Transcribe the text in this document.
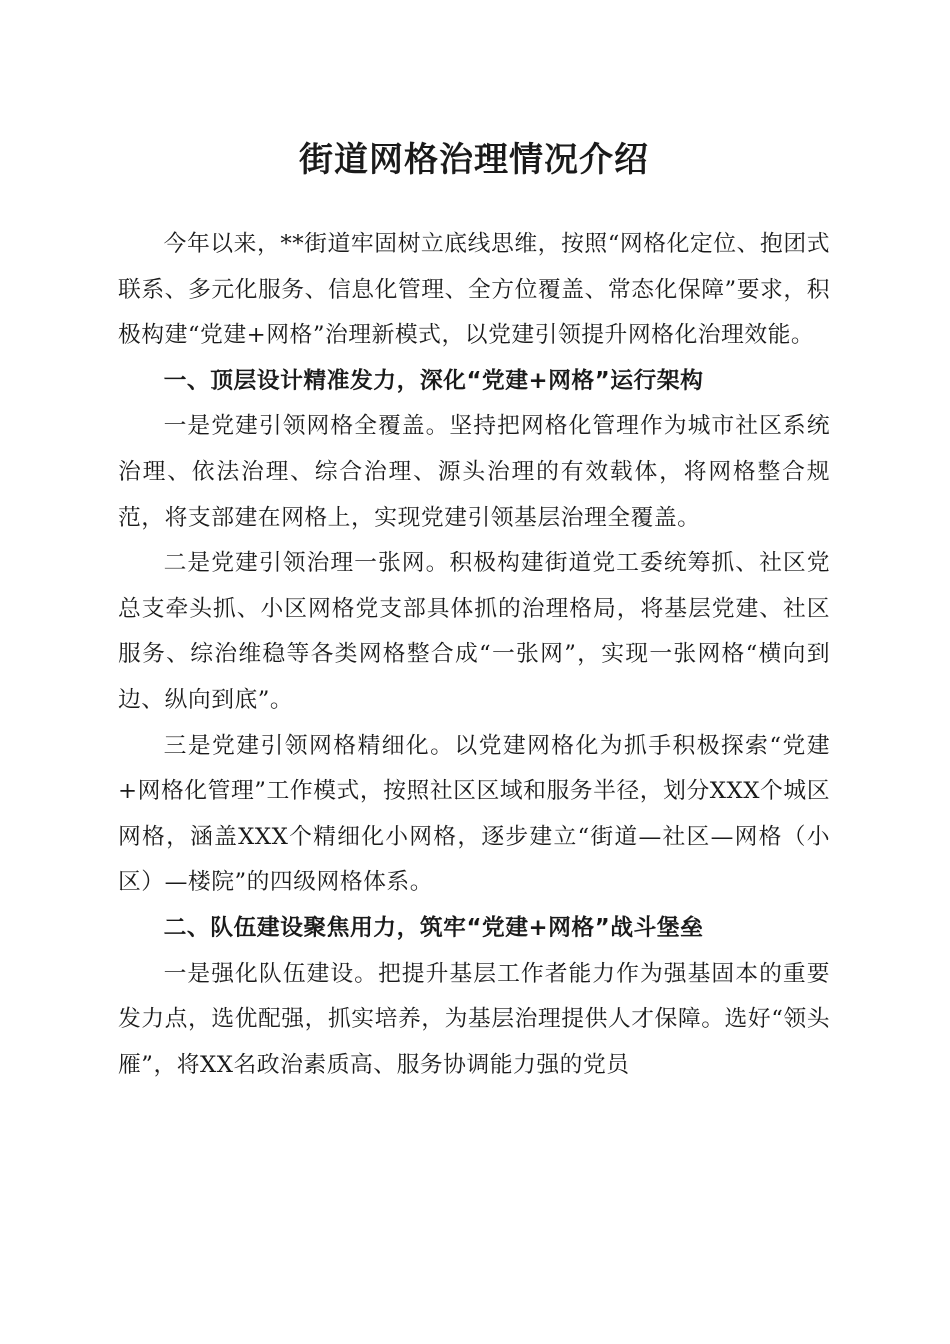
街道网格治理情况介绍

今年以来，**街道牢固树立底线思维，按照“网格化定位、抱团式联系、多元化服务、信息化管理、全方位覆盖、常态化保障”要求，积极构建“党建+网格”治理新模式，以党建引领提升网格化治理效能。

一、顶层设计精准发力，深化“党建+网格”运行架构

一是党建引领网格全覆盖。坚持把网格化管理作为城市社区系统治理、依法治理、综合治理、源头治理的有效载体，将网格整合规范，将支部建在网格上，实现党建引领基层治理全覆盖。

二是党建引领治理一张网。积极构建街道党工委统筹抓、社区党总支牵头抓、小区网格党支部具体抓的治理格局，将基层党建、社区服务、综治维稳等各类网格整合成“一张网”，实现一张网格“横向到边、纵向到底”。

三是党建引领网格精细化。以党建网格化为抓手积极探索“党建+网格化管理”工作模式，按照社区区域和服务半径，划分XXX个城区网格，涵盖XXX个精细化小网格，逐步建立“街道—社区—网格（小区）—楼院”的四级网格体系。

二、队伍建设聚焦用力，筑牢“党建+网格”战斗堡垒

一是强化队伍建设。把提升基层工作者能力作为强基固本的重要发力点，选优配强，抓实培养，为基层治理提供人才保障。选好“领头雁”，将XX名政治素质高、服务协调能力强的党员
